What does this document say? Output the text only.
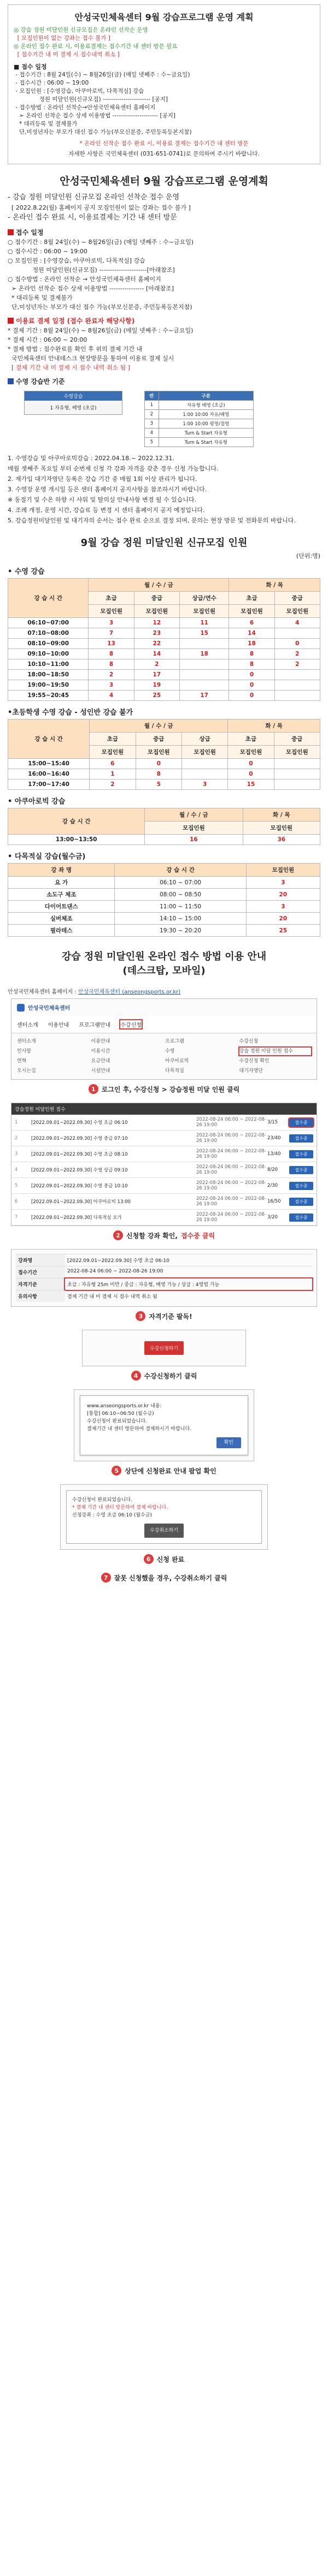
안성국민체육센터 9월 강습프로그램 운영 계획
◎ 강습 정원 미달인원 신규모집은 온라인 선착순 운영
[ 모집인원이 없는 강좌는 접수 불가 ]
◎ 온라인 접수 완료 시, 이용료결제는 접수기간 내 센터 방문 필요
[ 접수기간 내 미 결제 시 접수내역 취소 ]
■ 접수 일정
- 접수기간 : 8월 24일(수) ~ 8월26일(금) (매일 넷째주 : 수~금요일)
- 접수시간 : 06:00 ~ 19:00
- 모집인원 : [수영강습, 아쿠아로빅, 다목적실] 강습
정원 미달인원(신규모집) ----------------------- [공지]
- 접수방법 : 온라인 선착순→안성국민체육센터 홈페이지
➢ 온라인 선착순 접수 상세 이용방법 ---------------------- [공지]
* 대리등록 및 결제불가
단,미성년자는 부모가 대신 접수 가능(부모신분증, 주민등록등본지참)
* 온라인 선착순 접수 완료 시, 이용료 결제는 접수기간 내 센터 방문
자세한 사항은 국민체육센터 (031-651-0741)로 문의하여 주시기 바랍니다.
안성국민체육센터 9월 강습프로그램 운영계획
- 강습 정원 미달인원 신규모집 온라인 선착순 접수 운영
[ 2022.8.22(월) 홈페이지 공지 모집인원이 없는 강좌는 접수 불가 ]
- 온라인 접수 완료 시, 이용료결제는 기간 내 센터 방문
접수 일정
○ 접수기간 : 8월 24일(수) ~ 8월26일(금) (매일 넷째주 : 수~금요일)
○ 접수시간 : 06:00 ~ 19:00
○ 모집인원 : [수영강습, 아쿠아로빅, 다목적실] 강습
정원 미달인원(신규모집) ----------------------[아래참조]
○ 접수방법 : 온라인 선착순 → 안성국민체육센터 홈페이지
➢ 온라인 선착순 접수 상세 이용방법 ---------------- [아래참조]
* 대리등록 및 결제불가
단,미성년자는 부모가 대신 접수 가능(부모신분증, 주민등록등본지참)
이용료 결제 일정 (접수 완료자 해당사항)
* 결제 기간 : 8월 24일(수) ~ 8월26일(금) (매일 넷째주 : 수~금요일)
* 결제 시간 : 06:00 ~ 20:00
* 결제 방법 : 접수완료를 확인 후 위의 결제 기간 내
국민체육센터 안내데스크 현장방문을 통하여 이용료 결제 실시
[ 결제 기간 내 미 결제 시 접수 내역 취소 됨 ]
수영 강습반 기준
수영강습
1 자유형, 배영 (초급)
반	구분
1	자유형 배영 (초급)
2	1:00 10:00 자유/배영
3	1:00 10:00 평영/접영
4	Turn & Start 자유형
5	Turn & Start 자유형
1. 수영강습 및 아쿠아로빅강습 : 2022.04.18.~ 2022.12.31.
매월 셋째주 목요일 부터 순번제 신청 각 강좌 자격을 갖춘 경우 신청 가능합니다.
2. 재가입 대기자명단 등록은 강습 기간 중 매월 1회 이상 관리가 됩니다.
3. 수영장 운영 개시일 등은 센터 홈페이지 공지사항을 참조하시기 바랍니다.
※ 동절기 및 수온 하향 시 샤워 및 탈의실 안내사항 변경 될 수 있습니다.
4. 조례 개정, 운영 시간, 강습료 등 변경 시 센터 홈페이지 공지 예정입니다.
5. 강습정원미달인원 및 대기자의 순서는 접수 완료 순으로 결정 되며, 문의는 현장 방문 및 전화문의 바랍니다.
9월 강습 정원 미달인원 신규모집 인원
(단위:명)
• 수영 강습
강 습 시 간	월 / 수 / 금			화 / 목	
	초급	중급	상급/연수	초급	중급
	모집인원	모집인원	모집인원	모집인원	모집인원
06:10~07:00	3	12	11	6	4
07:10~08:00	7	23	15	14	
08:10~09:00	13	22		18	0
09:10~10:00	8	14	18	8	2
10:10~11:00	8	2		8	2
18:00~18:50	2	17		0	
19:00~19:50	3	19		0	
19:55~20:45	4	25	17	0	
•초등학생 수영 강습 - 성인반 강습 불가
강 습 시 간	월 / 수 / 금			화 / 목	
	초급	중급	상급	초급	중급
	모집인원	모집인원	모집인원	모집인원	모집인원
15:00~15:40	6	0		0	
16:00~16:40	1	8		0	
17:00~17:40	2	5	3	15	
• 아쿠아로빅 강습
강 습 시 간	월 / 수 / 금	화 / 목
	모집인원	모집인원
13:00~13:50	16	36
• 다목적실 강습(월수금)
강 좌 명	강 습 시 간	모집인원
요 가	06:10 ~ 07:00	3
소도구 체조	08:00 ~ 08:50	20
다이어트댄스	11:00 ~ 11:50	3
실버체조	14:10 ~ 15:00	20
필라테스	19:30 ~ 20:20	25
강습 정원 미달인원 온라인 접수 방법 이용 안내
(데스크탑, 모바일)
안성국민체육센터 홈페이지 : 안성국민체육센터 (anseongsports.or.kr)
안성국민체육센터
센터소개 이용안내 프로그램안내 수강신청
센터소개	이용안내	프로그램	수강신청
인사말	이용시간	수영	강습 정원 미달 인원 접수
연혁	요금안내	아쿠아로빅	수강신청 확인
오시는길	시설안내	다목적실	대기자명단
1 로그인 후, 수강신청 > 강습정원 미달 인원 클릭
강습정원 미달인원 접수
1	[2022.09.01~2022.09.30] 수영 초급 06:10
2022-08-24 06:00 ~ 2022-08-26 19:00	3/15	접수중
2	[2022.09.01~2022.09.30] 수영 중급 07:10
2022-08-24 06:00 ~ 2022-08-26 19:00	23/40	접수중
3	[2022.09.01~2022.09.30] 수영 초급 08:10
2022-08-24 06:00 ~ 2022-08-26 19:00	13/40	접수중
4	[2022.09.01~2022.09.30] 수영 상급 09:10
2022-08-24 06:00 ~ 2022-08-26 19:00	8/20	접수중
5	[2022.09.01~2022.09.30] 수영 중급 10:10
2022-08-24 06:00 ~ 2022-08-26 19:00	2/30	접수중
6	[2022.09.01~2022.09.30] 아쿠아로빅 13:00
2022-08-24 06:00 ~ 2022-08-26 19:00	16/50	접수중
7	[2022.09.01~2022.09.30] 다목적실 요가
2022-08-24 06:00 ~ 2022-08-26 19:00	3/20	접수중
2 신청할 강좌 확인, 접수중 클릭
강좌명	[2022.09.01~2022.09.30] 수영 초급 06:10
접수기간	2022-08-24 06:00 ~ 2022-08-26 19:00
자격기준	초급 : 자유형 25m 미만 / 중급 : 자유형, 배영 가능 / 상급 : 4영법 가능
유의사항	결제 기간 내 미 결제 시 접수 내역 취소 됨
3 자격기준 팔독!
수강신청하기
4 수강신청하기 클릭
www.anseongsports.or.kr 내용:
[통합] 06:10~06:50 (월수금)
수강신청이 완료되었습니다.
결제기간 내 센터 방문하여 결제하시기 바랍니다.
확인
5 상단에 신청완료 안내 팝업 확인
수강신청이 완료되었습니다.
* 결제 기간 내 센터 방문하여 결제 바랍니다.
신청강좌 : 수영 초급 06:10 (월수금)
수강취소하기
6 신청 완료
7 잘못 신청했을 경우, 수강취소하기 클릭
